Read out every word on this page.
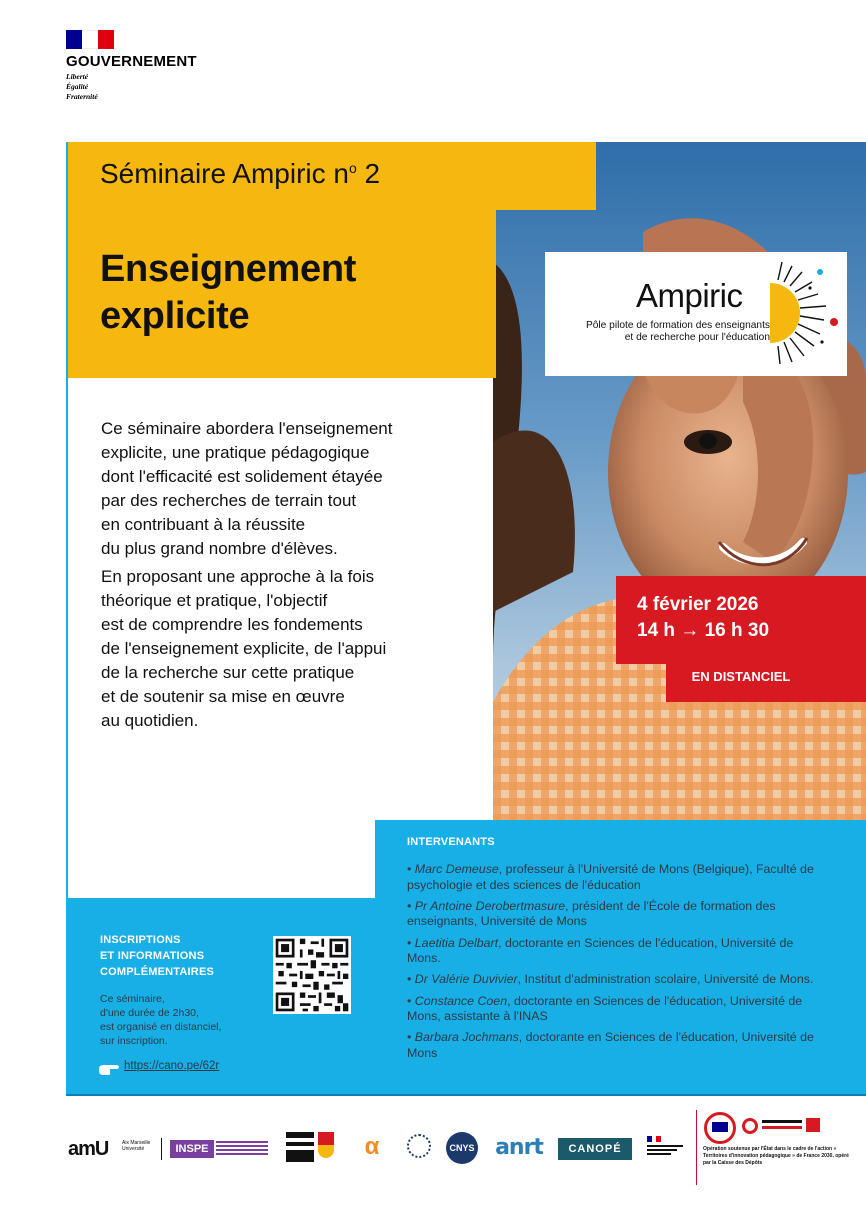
GOUVERNEMENT
Liberté
Égalité
Fraternité
Séminaire Ampiric $n^o$ 2
Enseignement
explicite	Ampiric
Pôle pilote de formation des enseignants
et de recherche pour l'éducation
4 février 2026
14 h → 16 h 30
EN DISTANCIEL

Ce séminaire abordera l'enseignement
explicite, une pratique pédagogique
dont l'efficacité est solidement étayée
par des recherches de terrain tout
en contribuant à la réussite
du plus grand nombre d'élèves.

En proposant une approche à la fois
théorique et pratique, l'objectif
est de comprendre les fondements
de l'enseignement explicite, de l'appui
de la recherche sur cette pratique
et de soutenir sa mise en œuvre
au quotidien.

INTERVENANTS
• Marc Demeuse, professeur à l'Université de Mons (Belgique), Faculté de psychologie et des sciences de l'éducation
• Pr Antoine Derobertmasure, président de l'École de formation des enseignants, Université de Mons
• Laetitia Delbart, doctorante en Sciences de l'éducation, Université de Mons.
• Dr Valérie Duvivier, Institut d'administration scolaire, Université de Mons.
• Constance Coen, doctorante en Sciences de l'éducation, Université de Mons, assistante à l'INAS
• Barbara Jochmans, doctorante en Sciences de l'éducation, Université de Mons
INSCRIPTIONS
ET INFORMATIONS
COMPLÉMENTAIRES
Ce séminaire,
d'une durée de 2h30,
est organisé en distanciel,
sur inscription.
https://cano.pe/62r
amU	Aix Marseille Université	INSPE	α	CNYS anrt	CANOPÉ	Opération soutenue par l'État dans le cadre de l'action « Territoires d'innovation pédagogique » de France 2030, opéré par la Caisse des Dépôts
